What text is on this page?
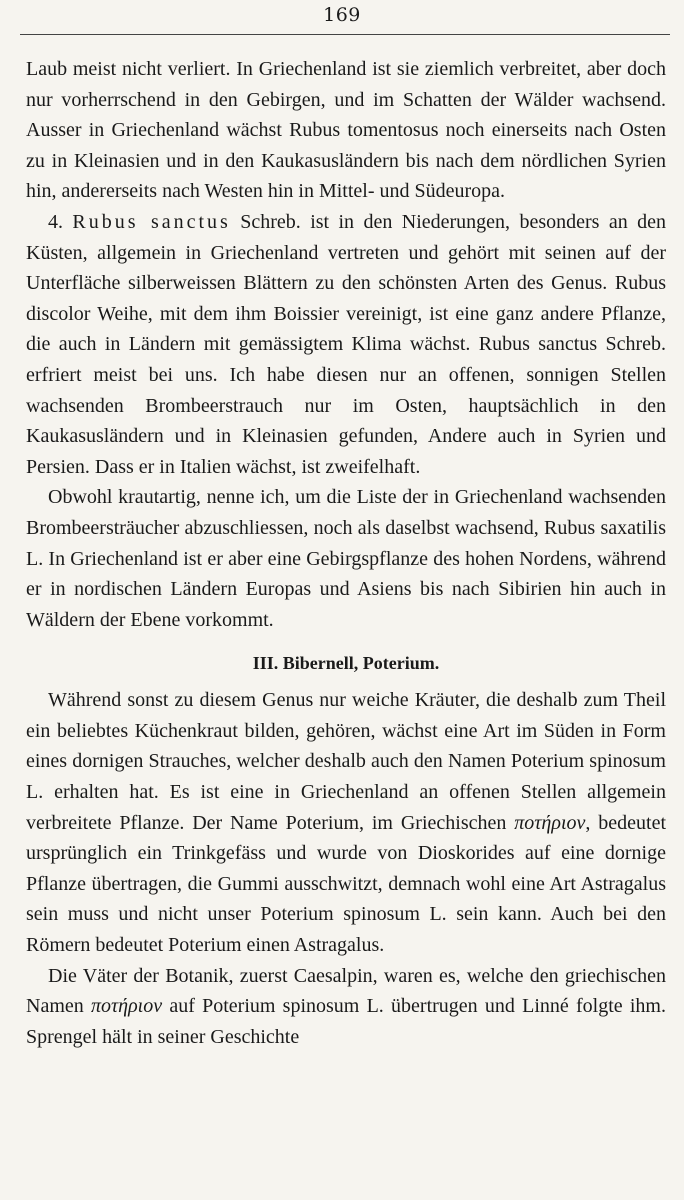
169

Laub meist nicht verliert. In Griechenland ist sie ziemlich verbreitet, aber doch nur vorherrschend in den Gebirgen, und im Schatten der Wälder wachsend. Ausser in Griechenland wächst Rubus tomentosus noch einerseits nach Osten zu in Kleinasien und in den Kaukasusländern bis nach dem nördlichen Syrien hin, andererseits nach Westen hin in Mittel- und Südeuropa.

4. Rubus sanctus Schreb. ist in den Niederungen, besonders an den Küsten, allgemein in Griechenland vertreten und gehört mit seinen auf der Unterfläche silberweissen Blättern zu den schönsten Arten des Genus. Rubus discolor Weihe, mit dem ihm Boissier vereinigt, ist eine ganz andere Pflanze, die auch in Ländern mit gemässigtem Klima wächst. Rubus sanctus Schreb. erfriert meist bei uns. Ich habe diesen nur an offenen, sonnigen Stellen wachsenden Brombeerstrauch nur im Osten, hauptsächlich in den Kaukasusländern und in Kleinasien gefunden, Andere auch in Syrien und Persien. Dass er in Italien wächst, ist zweifelhaft.

Obwohl krautartig, nenne ich, um die Liste der in Griechenland wachsenden Brombeersträucher abzuschliessen, noch als daselbst wachsend, Rubus saxatilis L. In Griechenland ist er aber eine Gebirgspflanze des hohen Nordens, während er in nordischen Ländern Europas und Asiens bis nach Sibirien hin auch in Wäldern der Ebene vorkommt.

III. Bibernell, Poterium.

Während sonst zu diesem Genus nur weiche Kräuter, die deshalb zum Theil ein beliebtes Küchenkraut bilden, gehören, wächst eine Art im Süden in Form eines dornigen Strauches, welcher deshalb auch den Namen Poterium spinosum L. erhalten hat. Es ist eine in Griechenland an offenen Stellen allgemein verbreitete Pflanze. Der Name Poterium, im Griechischen ποτήριον, bedeutet ursprünglich ein Trinkgefäss und wurde von Dioskorides auf eine dornige Pflanze übertragen, die Gummi ausschwitzt, demnach wohl eine Art Astragalus sein muss und nicht unser Poterium spinosum L. sein kann. Auch bei den Römern bedeutet Poterium einen Astragalus.

Die Väter der Botanik, zuerst Caesalpin, waren es, welche den griechischen Namen ποτήριον auf Poterium spinosum L. übertrugen und Linné folgte ihm. Sprengel hält in seiner Geschichte
